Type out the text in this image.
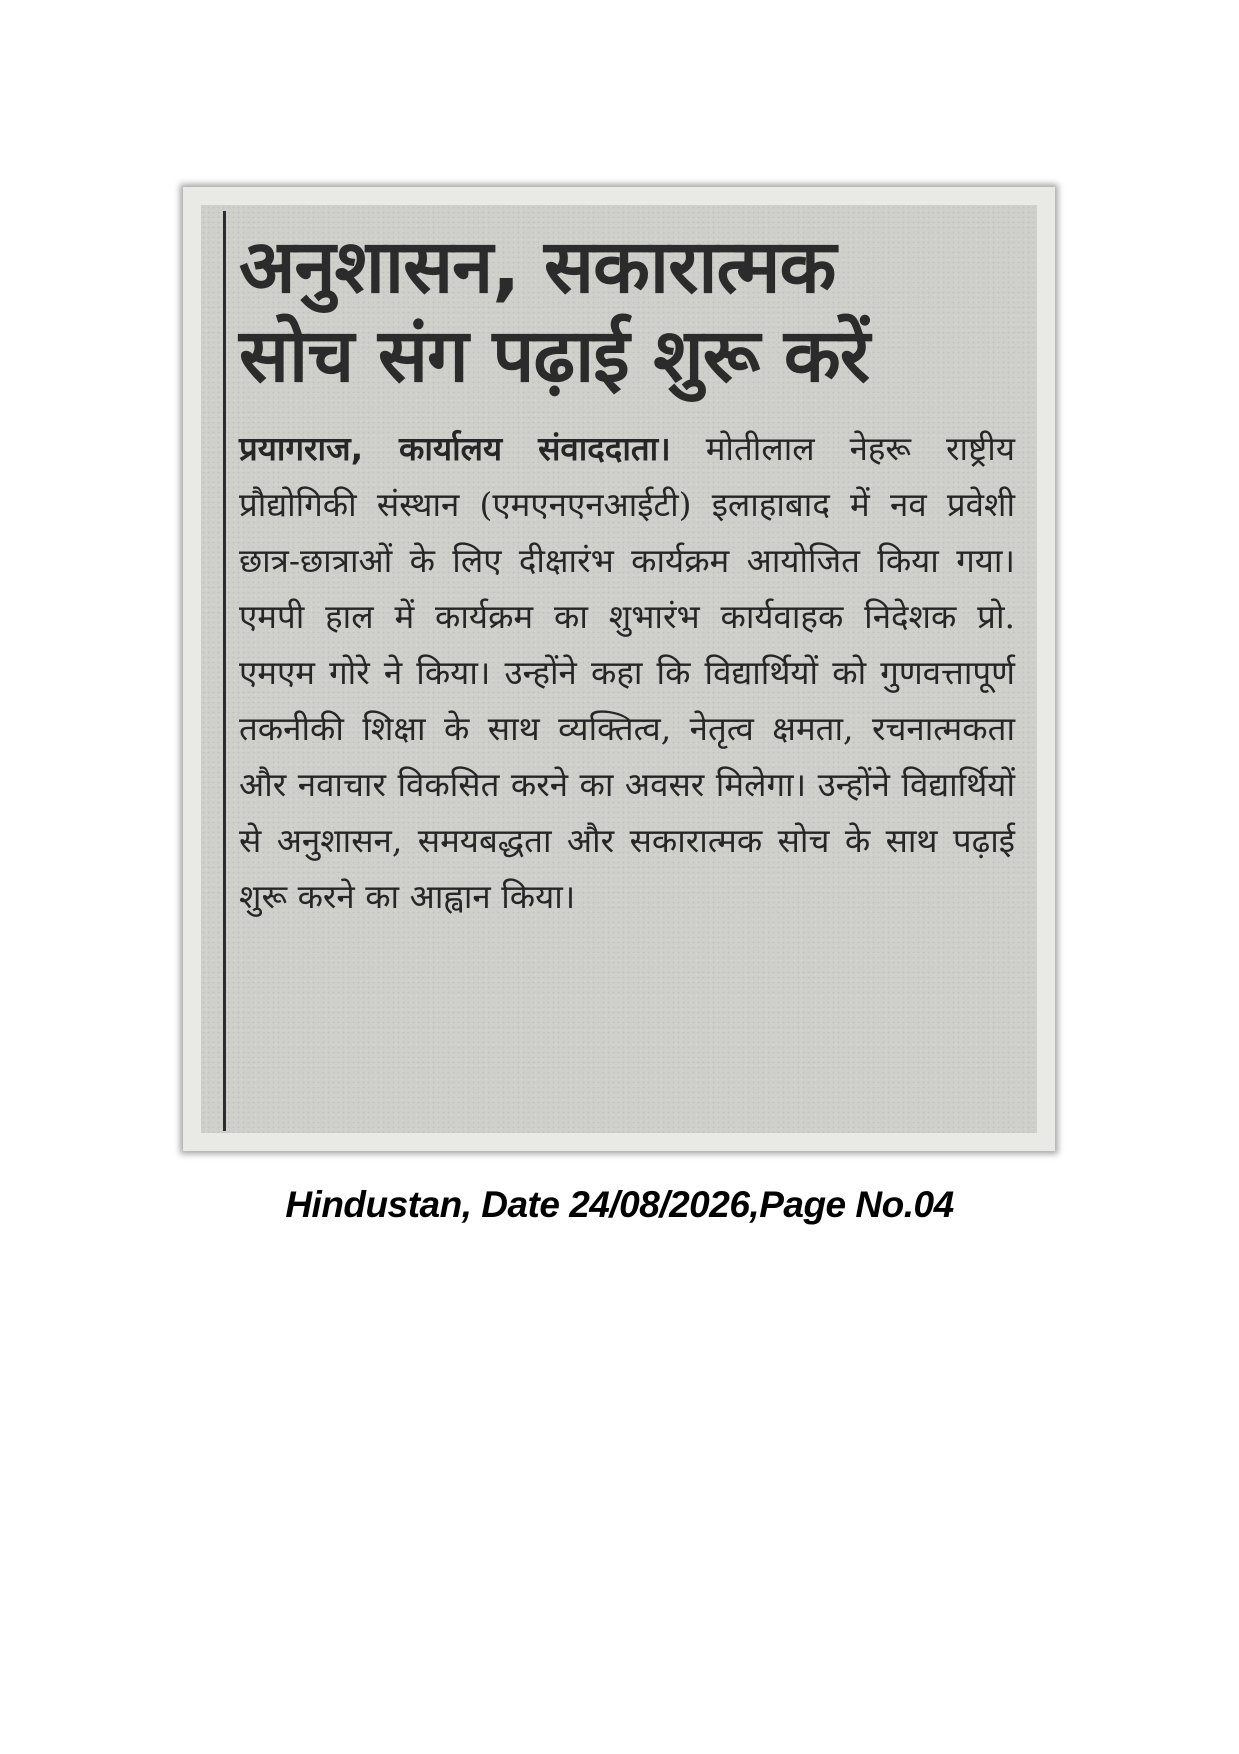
अनुशासन, सकारात्मक
सोच संग पढ़ाई शुरू करें

प्रयागराज, कार्यालय संवाददाता। मोतीलाल नेहरू राष्ट्रीय प्रौद्योगिकी संस्थान (एमएनएनआईटी) इलाहाबाद में नव प्रवेशी छात्र-छात्राओं के लिए दीक्षारंभ कार्यक्रम आयोजित किया गया। एमपी हाल में कार्यक्रम का शुभारंभ कार्यवाहक निदेशक प्रो. एमएम गोरे ने किया। उन्होंने कहा कि विद्यार्थियों को गुणवत्तापूर्ण तकनीकी शिक्षा के साथ व्यक्तित्व, नेतृत्व क्षमता, रचनात्मकता और नवाचार विकसित करने का अवसर मिलेगा। उन्होंने विद्यार्थियों से अनुशासन, समयबद्धता और सकारात्मक सोच के साथ पढ़ाई शुरू करने का आह्वान किया।

Hindustan, Date 24/08/2026,Page No.04
